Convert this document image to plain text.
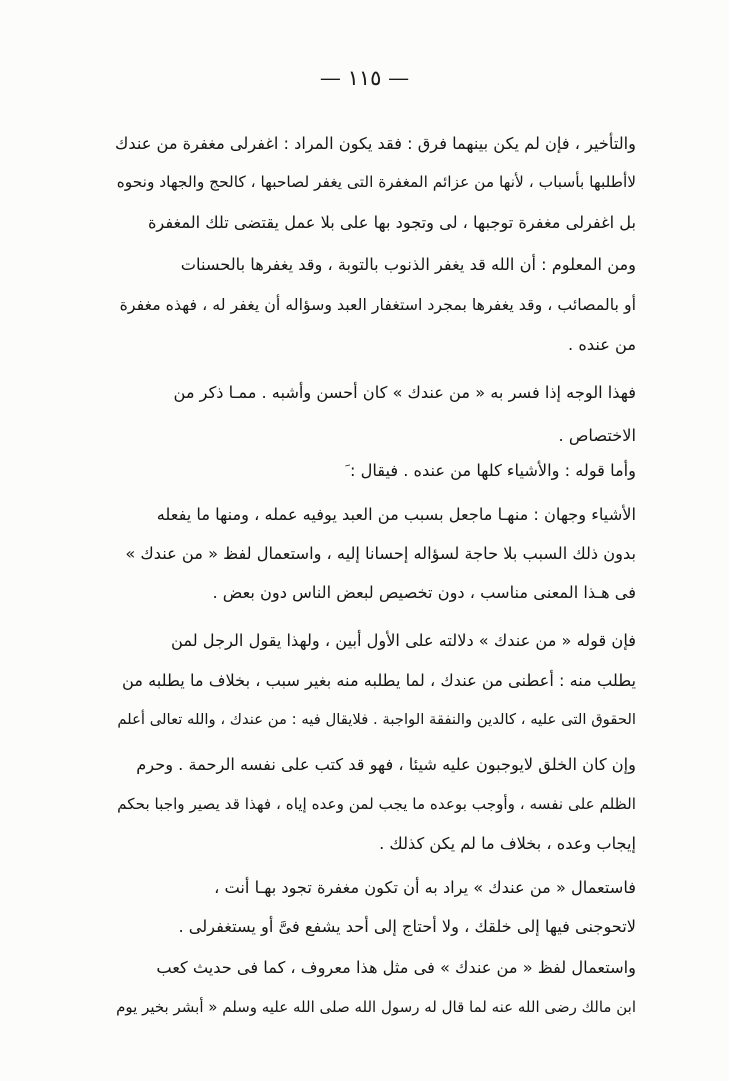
— ١١٥ —
والتأخير ، فإن لم يكن بينهما فرق : فقد يكون المراد : اغفرلى مغفرة من عندك
لاأطلبها بأسباب ، لأنها من عزائم المغفرة التى يغفر لصاحبها ، كالحج والجهاد ونحوه
بل اغفرلى مغفرة توجبها ، لى وتجود بها على بلا عمل يقتضى تلك المغفرة
ومن المعلوم : أن الله قد يغفر الذنوب بالتوبة ، وقد يغفرها بالحسنات
أو بالمصائب ، وقد يغفرها بمجرد استغفار العبد وسؤاله أن يغفر له ، فهذه مغفرة
من عنده .
فهذا الوجه إذا فسر به « من عندك » كان أحسن وأشبه . ممـا ذكر من
الاختصاص .
وأما قوله : والأشياء كلها من عنده . فيقال : َ
الأشياء وجهان : منهـا ماجعل بسبب من العبد يوفيه عمله ، ومنها ما يفعله
بدون ذلك السبب بلا حاجة لسؤاله إحسانا إليه ، واستعمال لفظ « من عندك »
فى هـذا المعنى مناسب ، دون تخصيص لبعض الناس دون بعض .
فإن قوله « من عندك » دلالته على الأول أبين ، ولهذا يقول الرجل لمن
يطلب منه : أعطنى من عندك ، لما يطلبه منه بغير سبب ، بخلاف ما يطلبه من
الحقوق التى عليه ، كالدين والنفقة الواجبة . فلايقال فيه : من عندك ، والله تعالى أعلم
وإن كان الخلق لايوجبون عليه شيئا ، فهو قد كتب على نفسه الرحمة . وحرم
الظلم على نفسه ، وأوجب بوعده ما يجب لمن وعده إياه ، فهذا قد يصير واجبا بحكم
إيجاب وعده ، بخلاف ما لم يكن كذلك .
فاستعمال « من عندك » يراد به أن تكون مغفرة تجود بهـا أنت ،
لاتحوجنى فيها إلى خلقك ، ولا أحتاج إلى أحد يشفع فىَّ أو يستغفرلى .
واستعمال لفظ « من عندك » فى مثل هذا معروف ، كما فى حديث كعب
ابن مالك رضى الله عنه لما قال له رسول الله صلى الله عليه وسلم « أبشر بخير يوم
